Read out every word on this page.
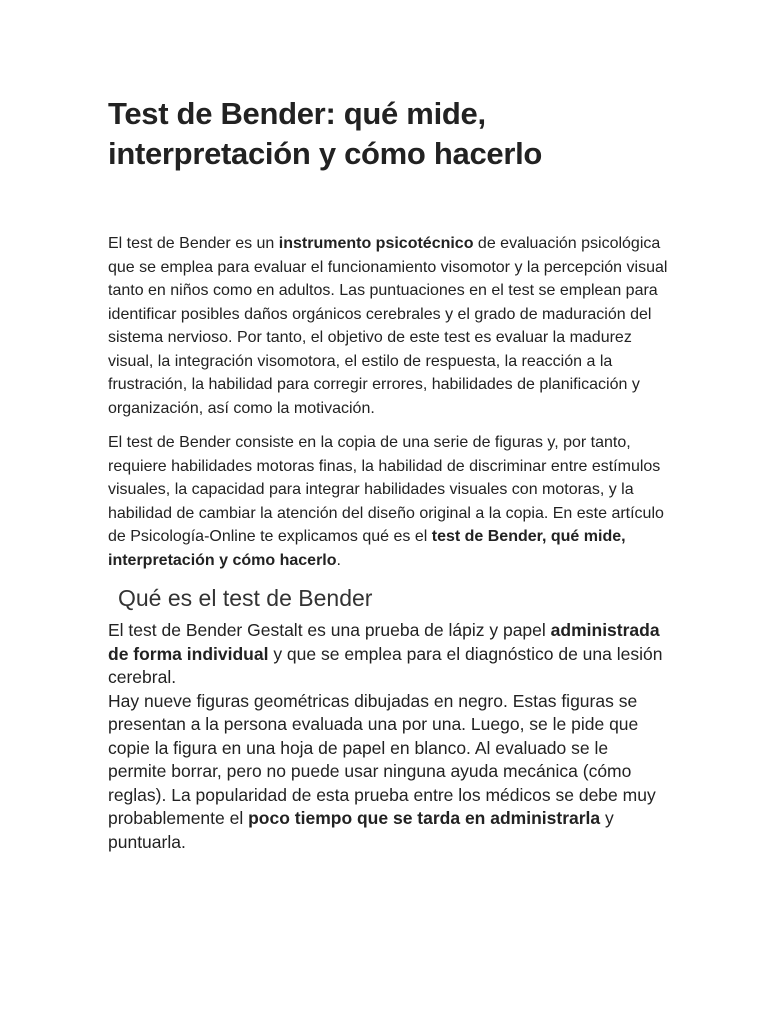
Test de Bender: qué mide, interpretación y cómo hacerlo

El test de Bender es un instrumento psicotécnico de evaluación psicológica que se emplea para evaluar el funcionamiento visomotor y la percepción visual tanto en niños como en adultos. Las puntuaciones en el test se emplean para identificar posibles daños orgánicos cerebrales y el grado de maduración del sistema nervioso. Por tanto, el objetivo de este test es evaluar la madurez visual, la integración visomotora, el estilo de respuesta, la reacción a la frustración, la habilidad para corregir errores, habilidades de planificación y organización, así como la motivación.

El test de Bender consiste en la copia de una serie de figuras y, por tanto, requiere habilidades motoras finas, la habilidad de discriminar entre estímulos visuales, la capacidad para integrar habilidades visuales con motoras, y la habilidad de cambiar la atención del diseño original a la copia. En este artículo de Psicología-Online te explicamos qué es el test de Bender, qué mide, interpretación y cómo hacerlo.

Qué es el test de Bender

El test de Bender Gestalt es una prueba de lápiz y papel administrada de forma individual y que se emplea para el diagnóstico de una lesión cerebral.

Hay nueve figuras geométricas dibujadas en negro. Estas figuras se presentan a la persona evaluada una por una. Luego, se le pide que copie la figura en una hoja de papel en blanco. Al evaluado se le permite borrar, pero no puede usar ninguna ayuda mecánica (cómo reglas). La popularidad de esta prueba entre los médicos se debe muy probablemente el poco tiempo que se tarda en administrarla y puntuarla.
